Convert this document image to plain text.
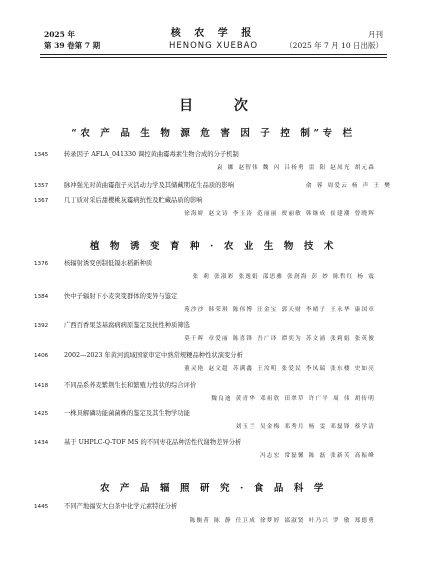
2025 年
第 39 卷第 7 期
核 农 学 报
HENONG XUEBAO
月刊
（2025 年 7 月 10 日出版）
目 次
“农 产 品 生 物 源 危 害 因 子 控 制”专 栏
1345	转录因子 AFLA_041330 调控黄曲霉毒素生物合成的分子机制
袁 娜 赵智伟 魏 闪 吕扬勇 雷 阳 赵凤光 胡元森
1357	脉冲强光对黄曲霉孢子灭活动力学及其储藏期花生品质的影响	俞 蓉 周爱云 杨 声 王 樊
1367	几丁质对采后甜樱桃灰霉病抗性及贮藏品质的影响
徐海娇 赵文诗 李玉涛 范丽丽 贾丽敏 韩继成 崔建潮 曾晓辉
植 物 诱 变 育 种 · 农 业 生 物 技 术
1376	核辐射诱变创制低镉水稻新种质
张 莉 张淑彩 张逸娟 邵思雅 张润海 彭 妙 陈哲红 杨 震
1384	快中子辐射下小麦突变群体的变异与鉴定
苑沙沙 韩荣琪 陈伟博 汪金宝 郭天财 李晴子 王永华 康国章
1392	广西百香果茎基腐病病原鉴定及抗性种质筛选
莫千晖 章爱丽 陈喜锋 吾广译 谭奕为 苏文涌 张莉娟 张英俊
1406	2002—2023 年黄河流域国家审定中熟常规粳品种性状演变分析
董灵艳 赵文超 苏满鑫 王汝明 张爱民 李凤瑞 张东楼 史如亮
1418	不同品系荞麦紫荆生长和繁殖力性状的综合评价
魏良迪 黄青华 邓祖欣 田翠草 许广平 周 伟 胡传明
1425	一株具解磷功能菌菌株的鉴定及其生物学功能
刘玉兰 吴金梅 邓秀月 杨 雯 邓磊锋 蔡学清
1434	基于 UHPLC-Q-TOF MS 的不同枣花品种活性代谢物差异分析
冯志宏 常磊馨 陈 磊 张新芙 高振峰
农 产 品 辐 照 研 究 · 食 品 科 学
1445	不同产地福安大白茶中化学元素特征分析
陈衡菁 陈 静 任卫成 徐梦婷 邵淑贤 叶乃兴 罗 敏 郑德勇
